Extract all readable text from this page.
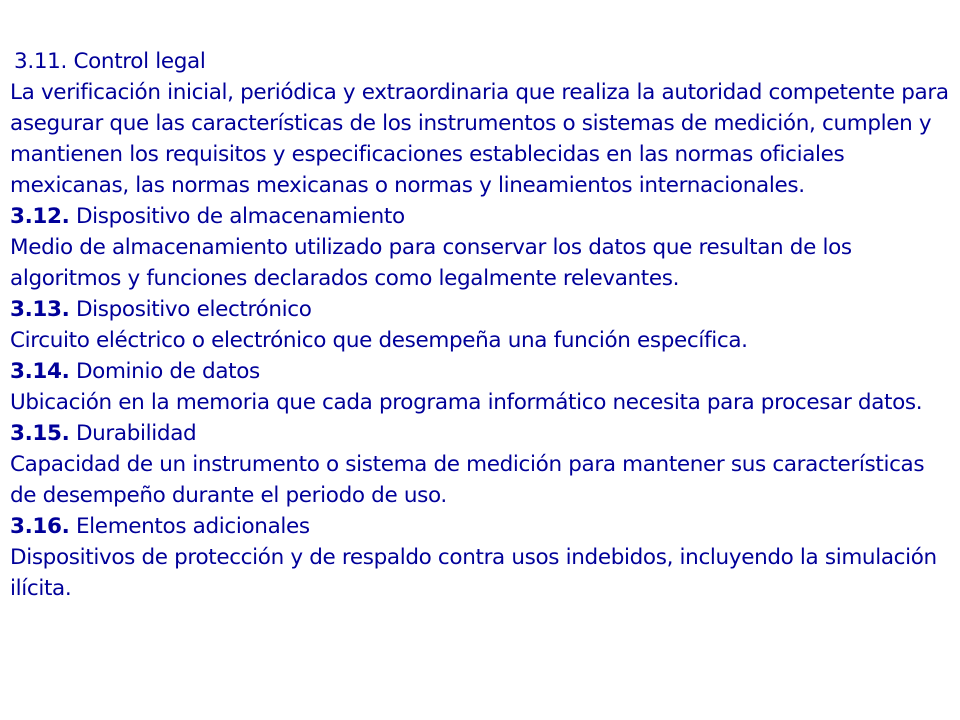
3.11. Control legal
La verificación inicial, periódica y extraordinaria que realiza la autoridad competente para asegurar que las características de los instrumentos o sistemas de medición, cumplen y mantienen los requisitos y especificaciones establecidas en las normas oficiales mexicanas, las normas mexicanas o normas y lineamientos internacionales.
3.12. Dispositivo de almacenamiento
Medio de almacenamiento utilizado para conservar los datos que resultan de los algoritmos y funciones declarados como legalmente relevantes.
3.13. Dispositivo electrónico
Circuito eléctrico o electrónico que desempeña una función específica.
3.14. Dominio de datos
Ubicación en la memoria que cada programa informático necesita para procesar datos.
3.15. Durabilidad
Capacidad de un instrumento o sistema de medición para mantener sus características de desempeño durante el periodo de uso.
3.16. Elementos adicionales
Dispositivos de protección y de respaldo contra usos indebidos, incluyendo la simulación ilícita.
